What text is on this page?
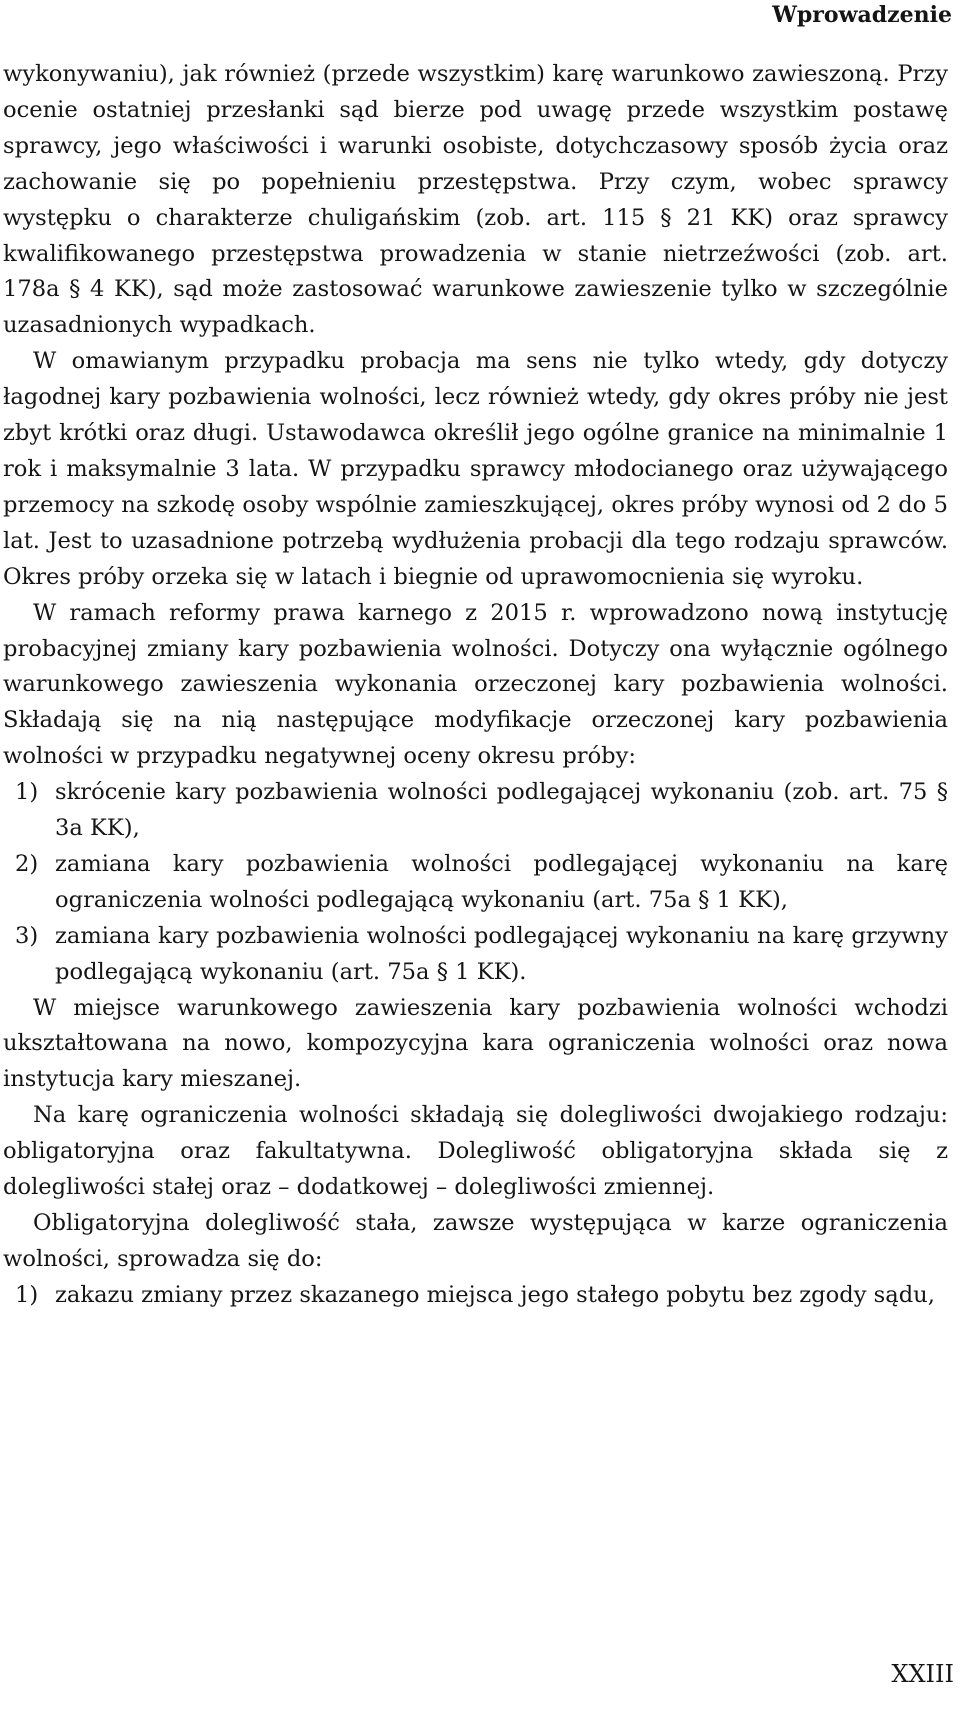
Wprowadzenie

wykonywaniu), jak również (przede wszystkim) karę warunkowo zawieszoną. Przy ocenie ostatniej przesłanki sąd bierze pod uwagę przede wszystkim postawę sprawcy, jego właściwości i warunki osobiste, dotychczasowy sposób życia oraz zachowanie się po popełnieniu przestępstwa. Przy czym, wobec sprawcy występku o charakterze chuligańskim (zob. art. 115 § 21 KK) oraz sprawcy kwalifikowanego przestępstwa prowadzenia w stanie nietrzeźwości (zob. art. 178a § 4 KK), sąd może zastosować warunkowe zawieszenie tylko w szczególnie uzasadnionych wypadkach.

W omawianym przypadku probacja ma sens nie tylko wtedy, gdy dotyczy łagodnej kary pozbawienia wolności, lecz również wtedy, gdy okres próby nie jest zbyt krótki oraz długi. Ustawodawca określił jego ogólne granice na minimalnie 1 rok i maksymalnie 3 lata. W przypadku sprawcy młodocianego oraz używającego przemocy na szkodę osoby wspólnie zamieszkującej, okres próby wynosi od 2 do 5 lat. Jest to uzasadnione potrzebą wydłużenia probacji dla tego rodzaju sprawców. Okres próby orzeka się w latach i biegnie od uprawomocnienia się wyroku.

W ramach reformy prawa karnego z 2015 r. wprowadzono nową instytucję probacyjnej zmiany kary pozbawienia wolności. Dotyczy ona wyłącznie ogólnego warunkowego zawieszenia wykonania orzeczonej kary pozbawienia wolności. Składają się na nią następujące modyfikacje orzeczonej kary pozbawienia wolności w przypadku negatywnej oceny okresu próby:

1) skrócenie kary pozbawienia wolności podlegającej wykonaniu (zob. art. 75 § 3a KK),
2) zamiana kary pozbawienia wolności podlegającej wykonaniu na karę ograniczenia wolności podlegającą wykonaniu (art. 75a § 1 KK),
3) zamiana kary pozbawienia wolności podlegającej wykonaniu na karę grzywny podlegającą wykonaniu (art. 75a § 1 KK).

W miejsce warunkowego zawieszenia kary pozbawienia wolności wchodzi ukształtowana na nowo, kompozycyjna kara ograniczenia wolności oraz nowa instytucja kary mieszanej.

Na karę ograniczenia wolności składają się dolegliwości dwojakiego rodzaju: obligatoryjna oraz fakultatywna. Dolegliwość obligatoryjna składa się z dolegliwości stałej oraz – dodatkowej – dolegliwości zmiennej.

Obligatoryjna dolegliwość stała, zawsze występująca w karze ograniczenia wolności, sprowadza się do:

1) zakazu zmiany przez skazanego miejsca jego stałego pobytu bez zgody sądu,
XXIII
